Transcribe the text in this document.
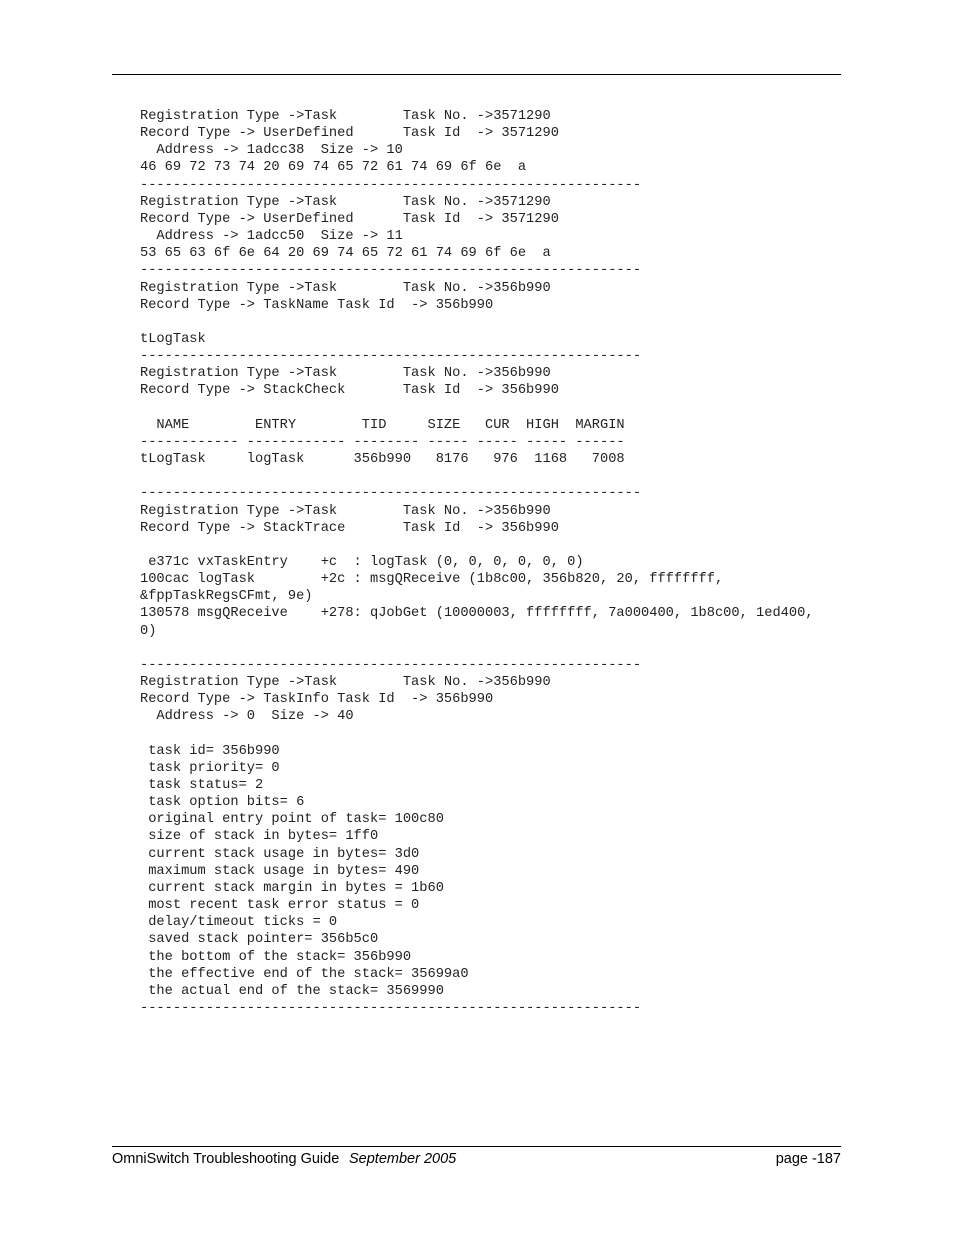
Registration Type ->Task        Task No. ->3571290
Record Type -> UserDefined      Task Id  -> 3571290
Address -> 1adcc38  Size -> 10
46 69 72 73 74 20 69 74 65 72 61 74 69 6f 6e  a
-------------------------------------------------------------
Registration Type ->Task        Task No. ->3571290
Record Type -> UserDefined      Task Id  -> 3571290
Address -> 1adcc50  Size -> 11
53 65 63 6f 6e 64 20 69 74 65 72 61 74 69 6f 6e  a
-------------------------------------------------------------
Registration Type ->Task        Task No. ->356b990
Record Type -> TaskName Task Id  -> 356b990
tLogTask
-------------------------------------------------------------
Registration Type ->Task        Task No. ->356b990
Record Type -> StackCheck       Task Id  -> 356b990
NAME        ENTRY        TID     SIZE   CUR  HIGH  MARGIN
------------ ------------ -------- ----- ----- ----- ------
tLogTask     logTask      356b990   8176   976  1168   7008
-------------------------------------------------------------
Registration Type ->Task        Task No. ->356b990
Record Type -> StackTrace       Task Id  -> 356b990
e371c vxTaskEntry    +c  : logTask (0, 0, 0, 0, 0, 0)
100cac logTask        +2c : msgQReceive (1b8c00, 356b820, 20, ffffffff,
&fppTaskRegsCFmt, 9e)
130578 msgQReceive    +278: qJobGet (10000003, ffffffff, 7a000400, 1b8c00, 1ed400,
0)
-------------------------------------------------------------
Registration Type ->Task        Task No. ->356b990
Record Type -> TaskInfo Task Id  -> 356b990
Address -> 0  Size -> 40
task id= 356b990
task priority= 0
task status= 2
task option bits= 6
original entry point of task= 100c80
size of stack in bytes= 1ff0
current stack usage in bytes= 3d0
maximum stack usage in bytes= 490
current stack margin in bytes = 1b60
most recent task error status = 0
delay/timeout ticks = 0
saved stack pointer= 356b5c0
the bottom of the stack= 356b990
the effective end of the stack= 35699a0
the actual end of the stack= 3569990
-------------------------------------------------------------
OmniSwitch Troubleshooting Guide September 2005	page -187
